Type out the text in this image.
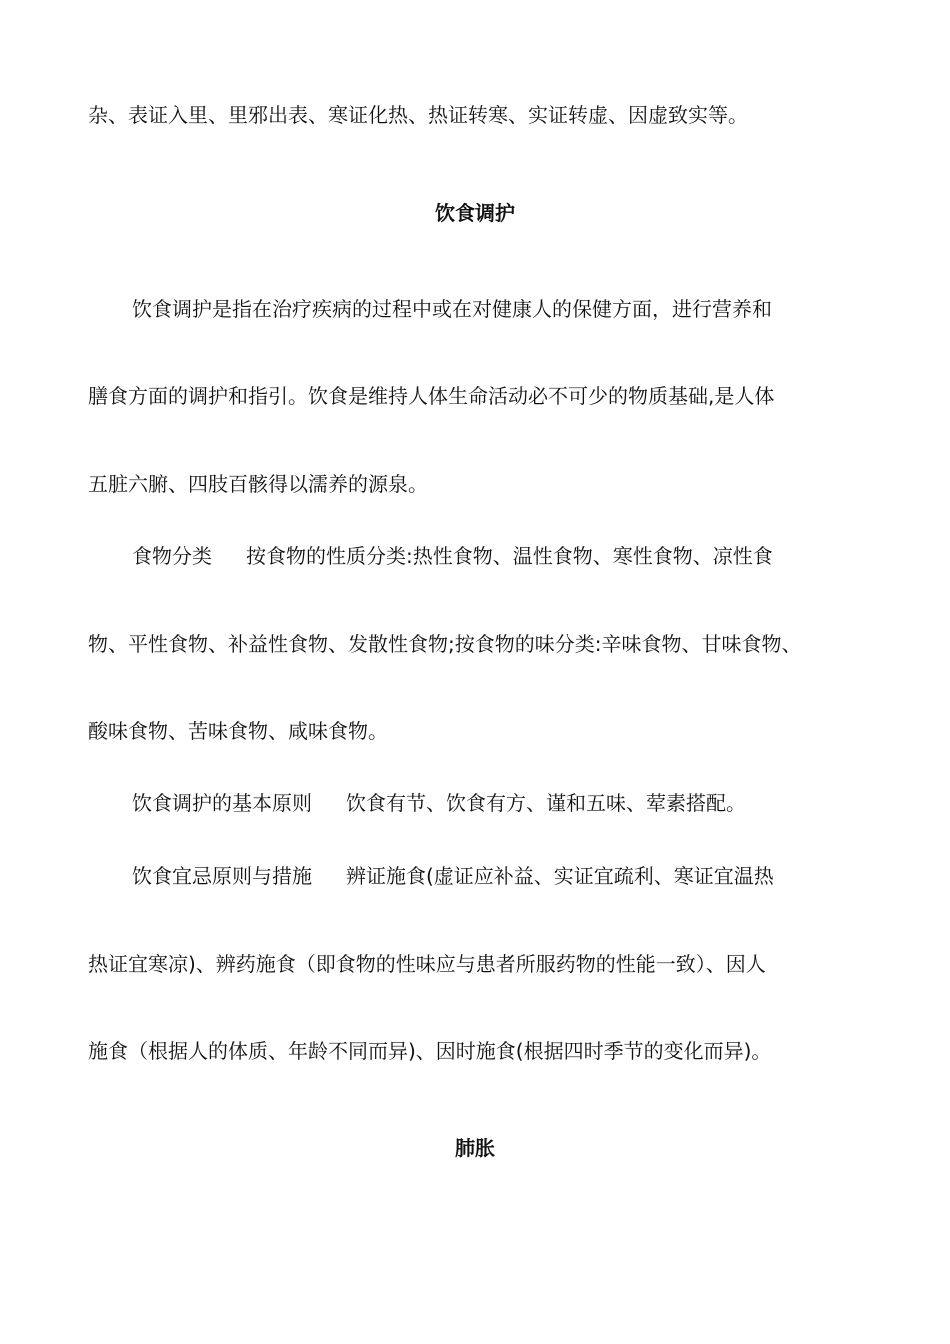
杂、表证入里、里邪出表、寒证化热、热证转寒、实证转虚、因虚致实等。
饮食调护
饮食调护是指在治疗疾病的过程中或在对健康人的保健方面，进行营养和
膳食方面的调护和指引。饮食是维持人体生命活动必不可少的物质基础,是人体
五脏六腑、四肢百骸得以濡养的源泉。
食物分类 按食物的性质分类:热性食物、温性食物、寒性食物、凉性食
物、平性食物、补益性食物、发散性食物;按食物的味分类:辛味食物、甘味食物、
酸味食物、苦味食物、咸味食物。
饮食调护的基本原则 饮食有节、饮食有方、谨和五味、荤素搭配。
饮食宜忌原则与措施 辨证施食(虚证应补益、实证宜疏利、寒证宜温热
热证宜寒凉)、辨药施食（即食物的性味应与患者所服药物的性能一致）、因人
施食（根据人的体质、年龄不同而异)、因时施食(根据四时季节的变化而异)。
肺胀
